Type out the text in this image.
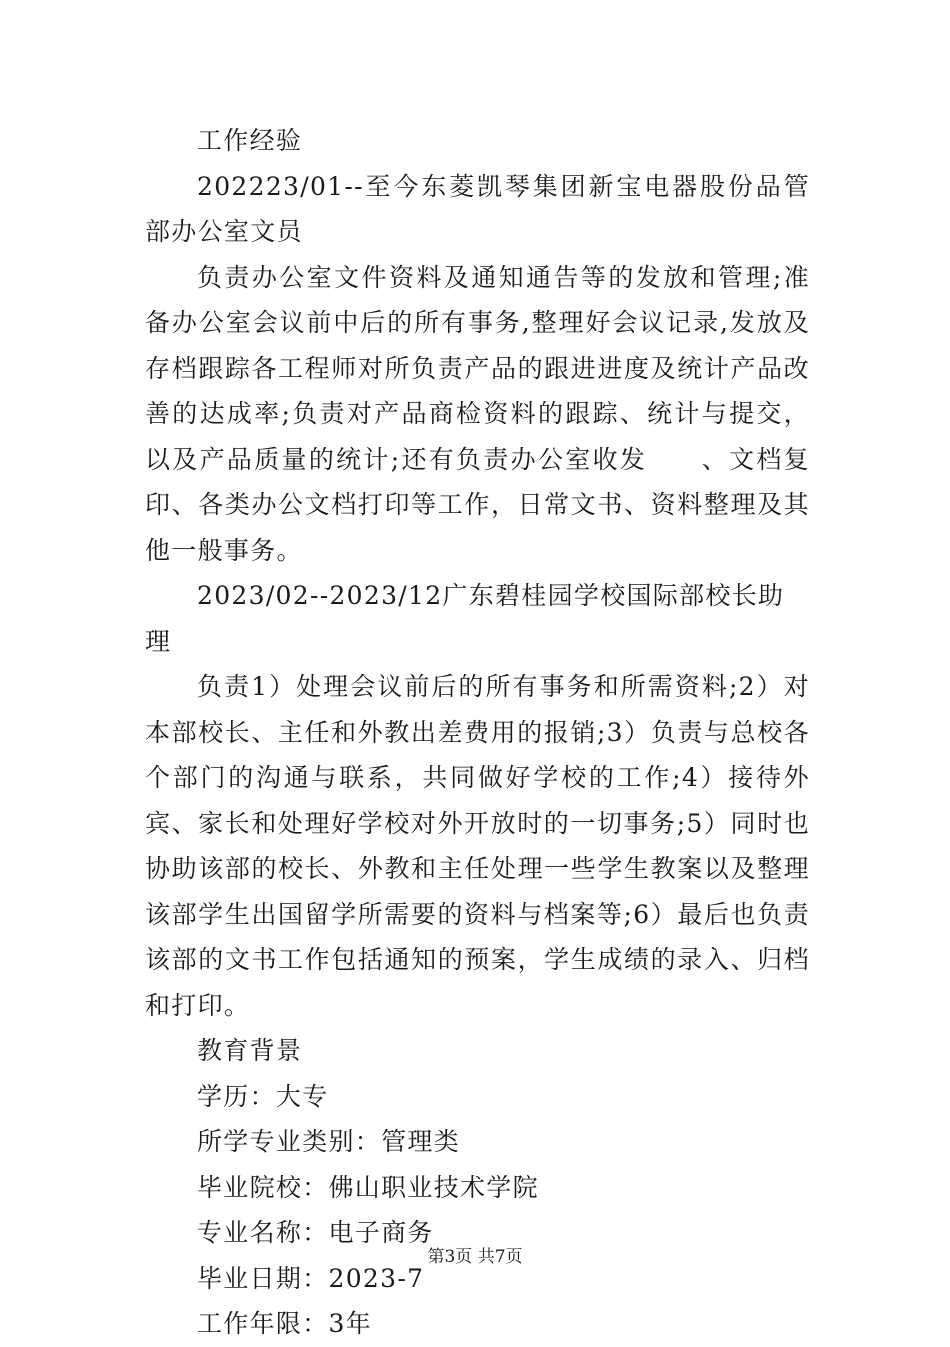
工作经验

202223/01--至今东菱凯琴集团新宝电器股份品管部办公室文员

负责办公室文件资料及通知通告等的发放和管理;准备办公室会议前中后的所有事务,整理好会议记录,发放及存档跟踪各工程师对所负责产品的跟进进度及统计产品改善的达成率;负责对产品商检资料的跟踪、统计与提交，以及产品质量的统计;还有负责办公室收发　　、文档复印、各类办公文档打印等工作，日常文书、资料整理及其他一般事务。

2023/02--2023/12广东碧桂园学校国际部校长助理

负责1）处理会议前后的所有事务和所需资料;2）对本部校长、主任和外教出差费用的报销;3）负责与总校各个部门的沟通与联系，共同做好学校的工作;4）接待外宾、家长和处理好学校对外开放时的一切事务;5）同时也协助该部的校长、外教和主任处理一些学生教案以及整理该部学生出国留学所需要的资料与档案等;6）最后也负责该部的文书工作包括通知的预案，学生成绩的录入、归档和打印。

教育背景

学历：大专

所学专业类别：管理类

毕业院校：佛山职业技术学院

专业名称：电子商务

毕业日期：2023-7

工作年限：3年

第3页 共7页
